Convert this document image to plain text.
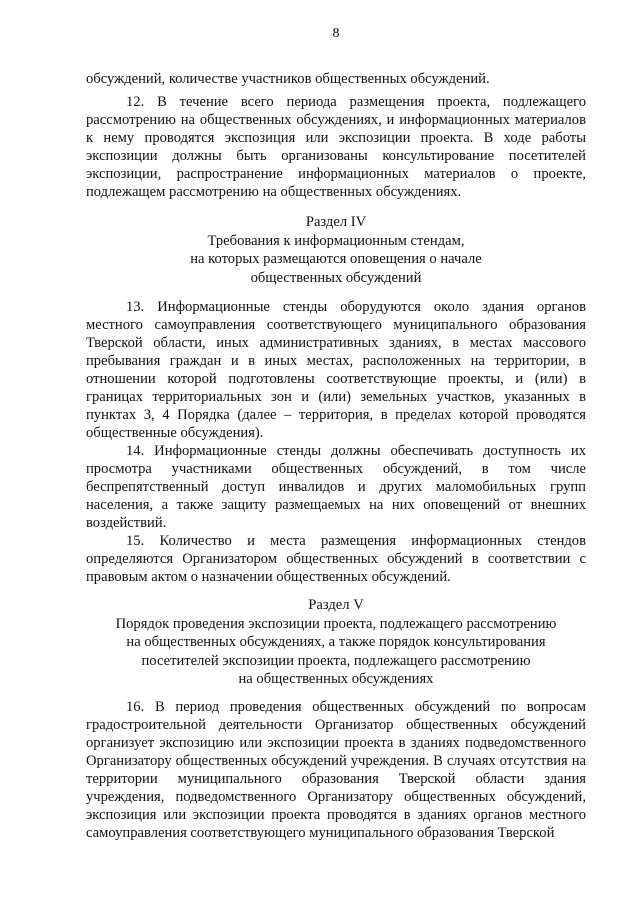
8

обсуждений, количестве участников общественных обсуждений.

12. В течение всего периода размещения проекта, подлежащего рассмотрению на общественных обсуждениях, и информационных материалов к нему проводятся экспозиция или экспозиции проекта. В ходе работы экспозиции должны быть организованы консультирование посетителей экспозиции, распространение информационных материалов о проекте, подлежащем рассмотрению на общественных обсуждениях.

Раздел IV
Требования к информационным стендам,
на которых размещаются оповещения о начале
общественных обсуждений

13. Информационные стенды оборудуются около здания органов местного самоуправления соответствующего муниципального образования Тверской области, иных административных зданиях, в местах массового пребывания граждан и в иных местах, расположенных на территории, в отношении которой подготовлены соответствующие проекты, и (или) в границах территориальных зон и (или) земельных участков, указанных в пунктах 3, 4 Порядка (далее – территория, в пределах которой проводятся общественные обсуждения).

14. Информационные стенды должны обеспечивать доступность их просмотра участниками общественных обсуждений, в том числе беспрепятственный доступ инвалидов и других маломобильных групп населения, а также защиту размещаемых на них оповещений от внешних воздействий.

15. Количество и места размещения информационных стендов определяются Организатором общественных обсуждений в соответствии с правовым актом о назначении общественных обсуждений.

Раздел V
Порядок проведения экспозиции проекта, подлежащего рассмотрению
на общественных обсуждениях, а также порядок консультирования
посетителей экспозиции проекта, подлежащего рассмотрению
на общественных обсуждениях

16. В период проведения общественных обсуждений по вопросам градостроительной деятельности Организатор общественных обсуждений организует экспозицию или экспозиции проекта в зданиях подведомственного Организатору общественных обсуждений учреждения. В случаях отсутствия на территории муниципального образования Тверской области здания учреждения, подведомственного Организатору общественных обсуждений, экспозиция или экспозиции проекта проводятся в зданиях органов местного самоуправления соответствующего муниципального образования Тверской
